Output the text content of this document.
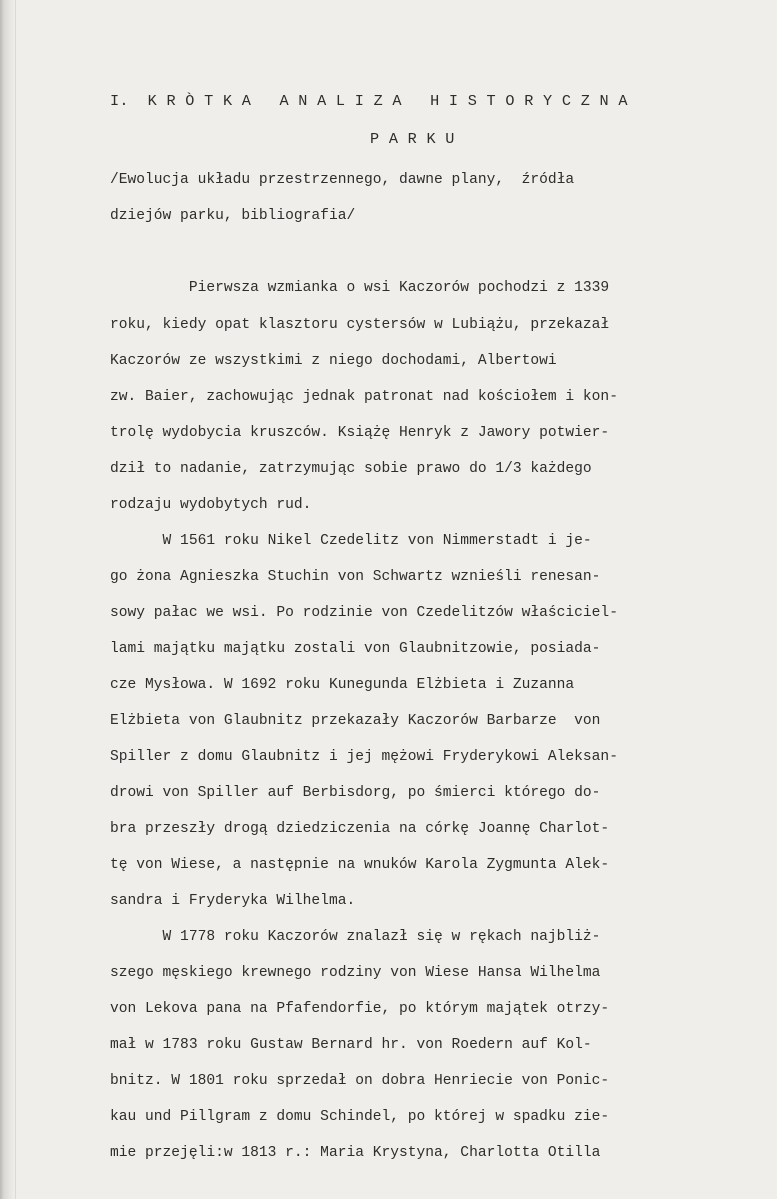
I.  K R Ò T K A   A N A L I Z A   H I S T O R Y C Z N A

P A R K U

/Ewolucja układu przestrzennego, dawne plany,  źródła

dziejów parku, bibliografia/

Pierwsza wzmianka o wsi Kaczorów pochodzi z 1339

roku, kiedy opat klasztoru cystersów w Lubiążu, przekazał

Kaczorów ze wszystkimi z niego dochodami, Albertowi

zw. Baier, zachowując jednak patronat nad kościołem i kon-

trolę wydobycia kruszców. Książę Henryk z Jawory potwier-

dził to nadanie, zatrzymując sobie prawo do 1/3 każdego

rodzaju wydobytych rud.

W 1561 roku Nikel Czedelitz von Nimmerstadt i je-

go żona Agnieszka Stuchin von Schwartz wznieśli renesan-

sowy pałac we wsi. Po rodzinie von Czedelitzów właściciel-

lami majątku majątku zostali von Glaubnitzowie, posiada-

cze Mysłowa. W 1692 roku Kunegunda Elżbieta i Zuzanna

Elżbieta von Glaubnitz przekazały Kaczorów Barbarze  von

Spiller z domu Glaubnitz i jej mężowi Fryderykowi Aleksan-

drowi von Spiller auf Berbisdorg, po śmierci którego do-

bra przeszły drogą dziedziczenia na córkę Joannę Charlot-

tę von Wiese, a następnie na wnuków Karola Zygmunta Alek-

sandra i Fryderyka Wilhelma.

W 1778 roku Kaczorów znalazł się w rękach najbliż-

szego męskiego krewnego rodziny von Wiese Hansa Wilhelma

von Lekova pana na Pfafendorfie, po którym majątek otrzy-

mał w 1783 roku Gustaw Bernard hr. von Roedern auf Kol-

bnitz. W 1801 roku sprzedał on dobra Henriecie von Ponic-

kau und Pillgram z domu Schindel, po której w spadku zie-

mie przejęli:w 1813 r.: Maria Krystyna, Charlotta Otilla
